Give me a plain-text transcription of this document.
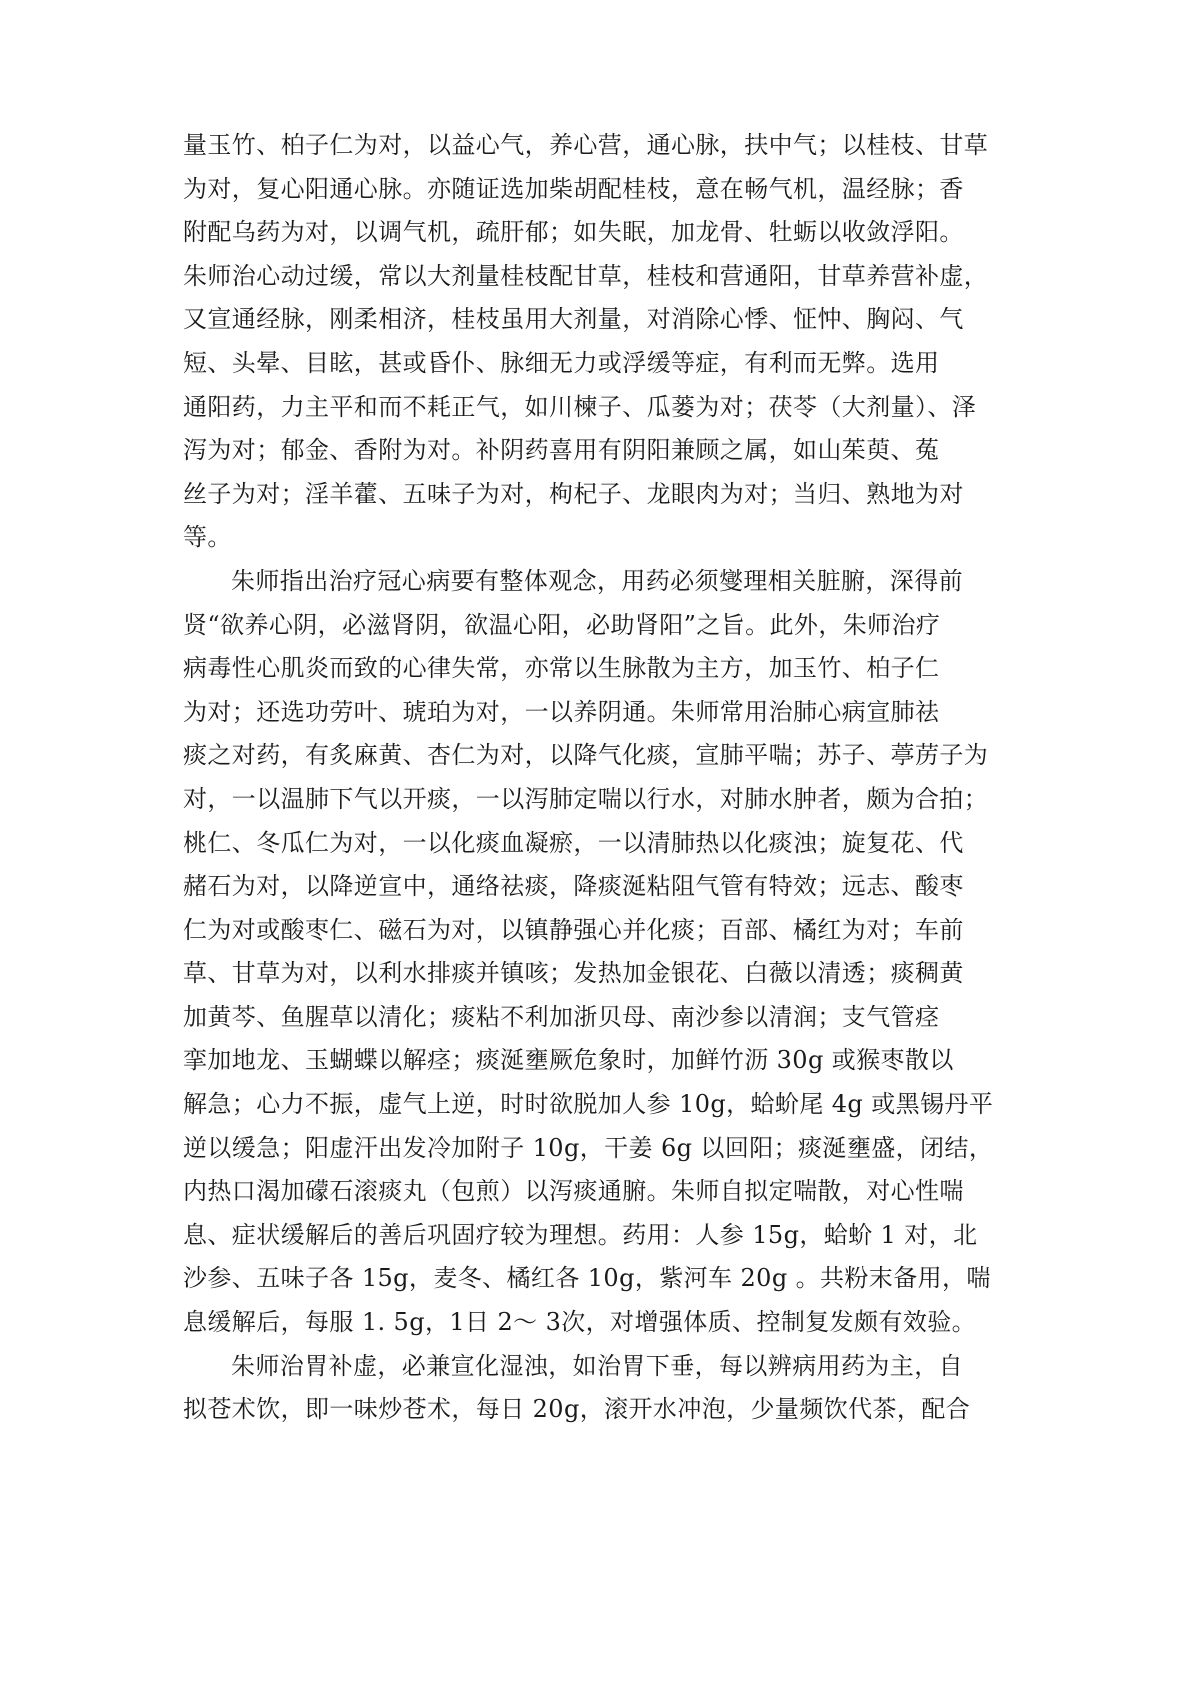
量玉竹、柏子仁为对，以益心气，养心营，通心脉，扶中气；以桂枝、甘草
为对，复心阳通心脉。亦随证选加柴胡配桂枝，意在畅气机，温经脉；香
附配乌药为对，以调气机，疏肝郁；如失眠，加龙骨、牡蛎以收敛浮阳。
朱师治心动过缓，常以大剂量桂枝配甘草，桂枝和营通阳，甘草养营补虚，
又宣通经脉，刚柔相济，桂枝虽用大剂量，对消除心悸、怔忡、胸闷、气
短、头晕、目眩，甚或昏仆、脉细无力或浮缓等症，有利而无弊。选用
通阳药，力主平和而不耗正气，如川楝子、瓜蒌为对；茯苓（大剂量）、泽
泻为对；郁金、香附为对。补阴药喜用有阴阳兼顾之属，如山茱萸、菟
丝子为对；淫羊藿、五味子为对，枸杞子、龙眼肉为对；当归、熟地为对
等。
朱师指出治疗冠心病要有整体观念，用药必须燮理相关脏腑，深得前
贤“欲养心阴，必滋肾阴，欲温心阳，必助肾阳”之旨。此外，朱师治疗
病毒性心肌炎而致的心律失常，亦常以生脉散为主方，加玉竹、柏子仁
为对；还选功劳叶、琥珀为对，一以养阴通。朱师常用治肺心病宣肺祛
痰之对药，有炙麻黄、杏仁为对，以降气化痰，宣肺平喘；苏子、葶苈子为
对，一以温肺下气以开痰，一以泻肺定喘以行水，对肺水肿者，颇为合拍；
桃仁、冬瓜仁为对，一以化痰血凝瘀，一以清肺热以化痰浊；旋复花、代
赭石为对，以降逆宣中，通络祛痰，降痰涎粘阻气管有特效；远志、酸枣
仁为对或酸枣仁、磁石为对，以镇静强心并化痰；百部、橘红为对；车前
草、甘草为对，以利水排痰并镇咳；发热加金银花、白薇以清透；痰稠黄
加黄芩、鱼腥草以清化；痰粘不利加浙贝母、南沙参以清润；支气管痉
挛加地龙、玉蝴蝶以解痉；痰涎壅厥危象时，加鲜竹沥 30g 或猴枣散以
解急；心力不振，虚气上逆，时时欲脱加人参 10g，蛤蚧尾 4g 或黑锡丹平
逆以缓急；阳虚汗出发冷加附子 10g，干姜 6g 以回阳；痰涎壅盛，闭结，
内热口渴加礞石滚痰丸（包煎）以泻痰通腑。朱师自拟定喘散，对心性喘
息、症状缓解后的善后巩固疗较为理想。药用：人参 15g，蛤蚧 1 对，北
沙参、五味子各 15g，麦冬、橘红各 10g，紫河车 20g 。共粉末备用，喘
息缓解后，每服 1. 5g，1日 2～ 3次，对增强体质、控制复发颇有效验。
朱师治胃补虚，必兼宣化湿浊，如治胃下垂，每以辨病用药为主，自
拟苍术饮，即一味炒苍术，每日 20g，滚开水冲泡，少量频饮代茶，配合
